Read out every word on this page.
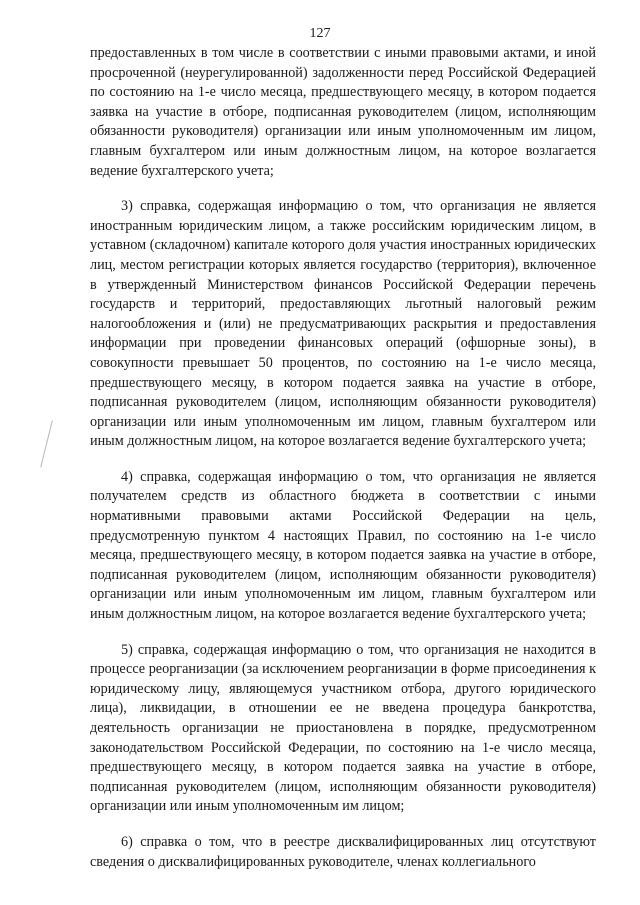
127

предоставленных в том числе в соответствии с иными правовыми актами, и иной просроченной (неурегулированной) задолженности перед Российской Федерацией по состоянию на 1-е число месяца, предшествующего месяцу, в котором подается заявка на участие в отборе, подписанная руководителем (лицом, исполняющим обязанности руководителя) организации или иным уполномоченным им лицом, главным бухгалтером или иным должностным лицом, на которое возлагается ведение бухгалтерского учета;

3) справка, содержащая информацию о том, что организация не является иностранным юридическим лицом, а также российским юридическим лицом, в уставном (складочном) капитале которого доля участия иностранных юридических лиц, местом регистрации которых является государство (территория), включенное в утвержденный Министерством финансов Российской Федерации перечень государств и территорий, предоставляющих льготный налоговый режим налогообложения и (или) не предусматривающих раскрытия и предоставления информации при проведении финансовых операций (офшорные зоны), в совокупности превышает 50 процентов, по состоянию на 1-е число месяца, предшествующего месяцу, в котором подается заявка на участие в отборе, подписанная руководителем (лицом, исполняющим обязанности руководителя) организации или иным уполномоченным им лицом, главным бухгалтером или иным должностным лицом, на которое возлагается ведение бухгалтерского учета;

4) справка, содержащая информацию о том, что организация не является получателем средств из областного бюджета в соответствии с иными нормативными правовыми актами Российской Федерации на цель, предусмотренную пунктом 4 настоящих Правил, по состоянию на 1-е число месяца, предшествующего месяцу, в котором подается заявка на участие в отборе, подписанная руководителем (лицом, исполняющим обязанности руководителя) организации или иным уполномоченным им лицом, главным бухгалтером или иным должностным лицом, на которое возлагается ведение бухгалтерского учета;

5) справка, содержащая информацию о том, что организация не находится в процессе реорганизации (за исключением реорганизации в форме присоединения к юридическому лицу, являющемуся участником отбора, другого юридического лица), ликвидации, в отношении ее не введена процедура банкротства, деятельность организации не приостановлена в порядке, предусмотренном законодательством Российской Федерации, по состоянию на 1-е число месяца, предшествующего месяцу, в котором подается заявка на участие в отборе, подписанная руководителем (лицом, исполняющим обязанности руководителя) организации или иным уполномоченным им лицом;

6) справка о том, что в реестре дисквалифицированных лиц отсутствуют сведения о дисквалифицированных руководителе, членах коллегиального
